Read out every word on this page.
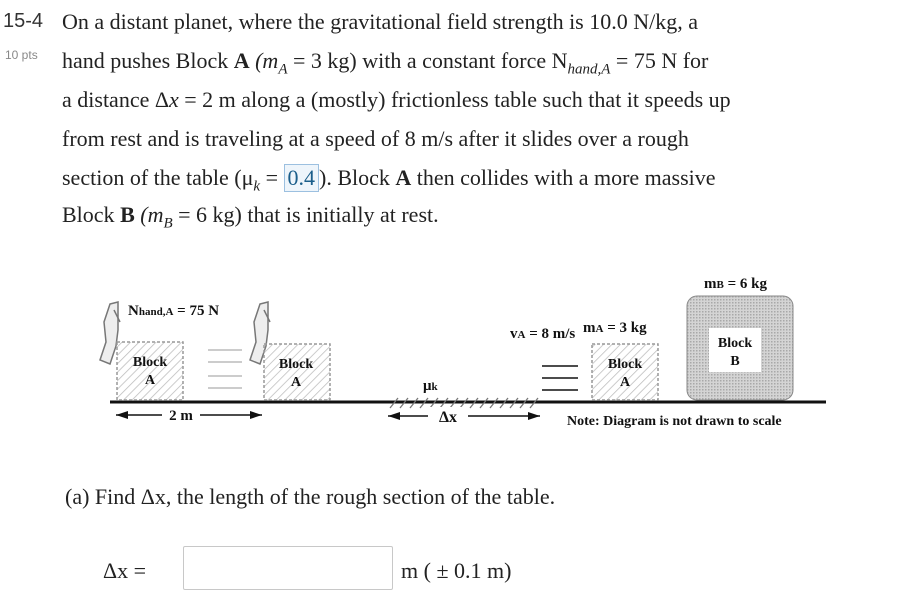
15-4
10 pts
On a distant planet, where the gravitational field strength is 10.0 N/kg, a
hand pushes Block A ($m_A = 3$ kg) with a constant force $N_{hand,A} = 75$ N for
a distance Δx = 2 m along a (mostly) frictionless table such that it speeds up
from rest and is traveling at a speed of 8 m/s after it slides over a rough
section of the table ($\mu_k = 0.4$ ). Block A then collides with a more massive
Block B ($m_B = 6$ kg) that is initially at rest.
Nhand,A = 75 N
Block
A
Block
A
2 m
μk
Δx
vA = 8 m/s mA = 3 kg
Block
A
mB = 6 kg
Block
B
Note: Diagram is not drawn to scale
(a) Find Δx, the length of the rough section of the table.
Δx =	m ( ± 0.1 m)
